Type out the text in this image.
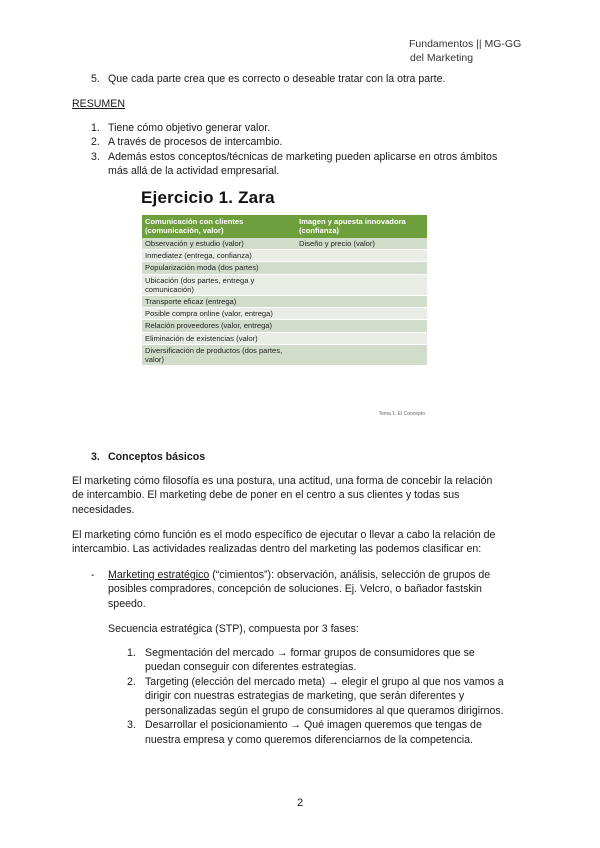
Fundamentos || MG-GG
del Marketing
5. Que cada parte crea que es correcto o deseable tratar con la otra parte.
RESUMEN
1. Tiene cómo objetivo generar valor.
2. A través de procesos de intercambio.
3. Además estos conceptos/técnicas de marketing pueden aplicarse en otros ámbitos
más allá de la actividad empresarial.
Ejercicio 1. Zara
Comunicación con clientes (comunicación, valor)	Imagen y apuesta innovadora (confianza)
Observación y estudio (valor)	Diseño y precio (valor)
Inmediatez (entrega, confianza)	
Popularización moda (dos partes)	
Ubicación (dos partes, entrega y comunicación)	
Transporte eficaz (entrega)	
Posible compra online (valor, entrega)	
Relación proveedores (valor, entrega)	
Eliminación de existencias (valor)	
Diversificación de productos (dos partes, valor)	
Tema 1. El Concepto
3. Conceptos básicos
El marketing cómo filosofía es una postura, una actitud, una forma de concebir la relación
de intercambio. El marketing debe de poner en el centro a sus clientes y todas sus
necesidades.
El marketing cómo función es el modo específico de ejecutar o llevar a cabo la relación de
intercambio. Las actividades realizadas dentro del marketing las podemos clasificar en:
- Marketing estratégico (“cimientos”): observación, análisis, selección de grupos de
posibles compradores, concepción de soluciones. Ej. Velcro, o bañador fastskin
speedo.
Secuencia estratégica (STP), compuesta por 3 fases:
1. Segmentación del mercado → formar grupos de consumidores que se
puedan conseguir con diferentes estrategias.
2. Targeting (elección del mercado meta) → elegir el grupo al que nos vamos a
dirigir con nuestras estrategias de marketing, que serán diferentes y
personalizadas según el grupo de consumidores al que queramos dirigirnos.
3. Desarrollar el posicionamiento → Qué imagen queremos que tengas de
nuestra empresa y como queremos diferenciarnos de la competencia.
2
